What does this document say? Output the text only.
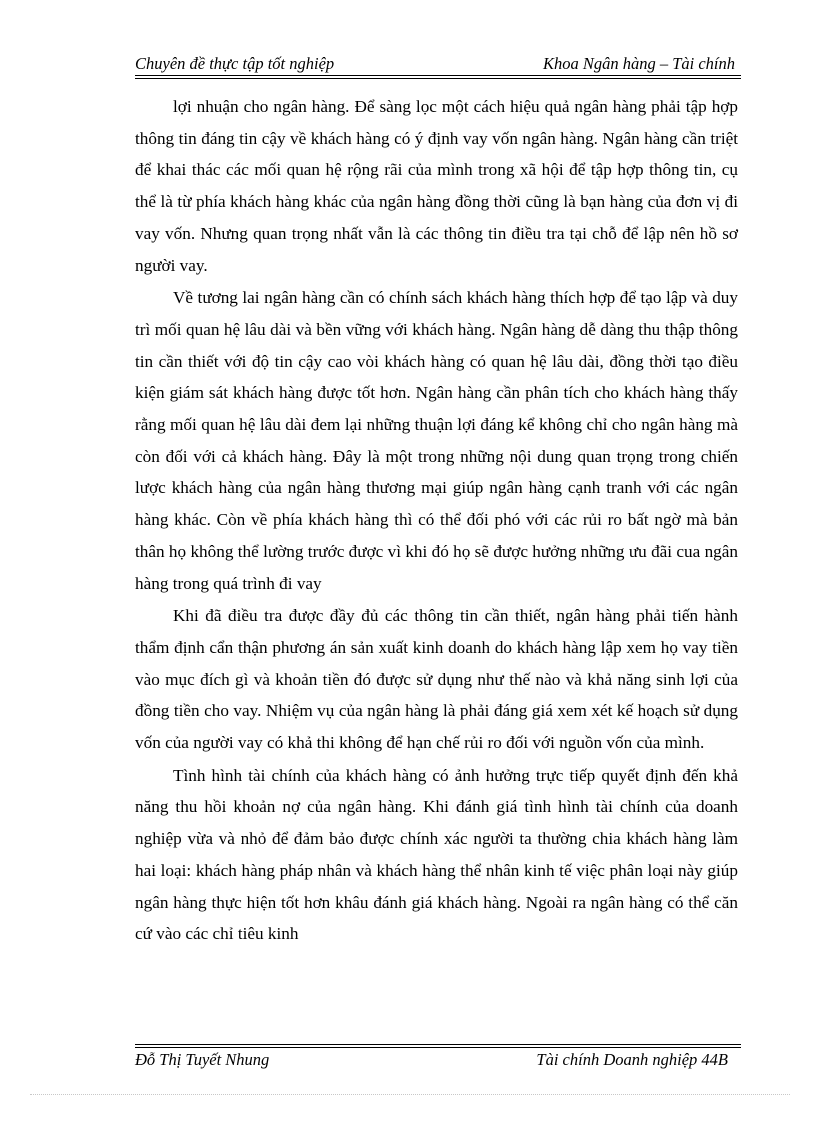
Chuyên đề thực tập tốt nghiệp	Khoa Ngân hàng – Tài chính

lợi nhuận cho ngân hàng. Để sàng lọc một cách hiệu quả ngân hàng phải tập hợp thông tin đáng tin cậy về khách hàng có ý định vay vốn ngân hàng. Ngân hàng cần triệt để khai thác các mối quan hệ rộng rãi của mình trong xã hội để tập hợp thông tin, cụ thể là từ phía khách hàng khác của ngân hàng đồng thời cũng là bạn hàng của đơn vị đi vay vốn. Nhưng quan trọng nhất vẫn là các thông tin điều tra tại chỗ để lập nên hồ sơ người vay.

Về tương lai ngân hàng cần có chính sách khách hàng thích hợp để tạo lập và duy trì mối quan hệ lâu dài và bền vững với khách hàng. Ngân hàng dễ dàng thu thập thông tin cần thiết với độ tin cậy cao vòi khách hàng có quan hệ lâu dài, đồng thời tạo điều kiện giám sát khách hàng được tốt hơn. Ngân hàng cần phân tích cho khách hàng thấy rằng mối quan hệ lâu dài đem lại những thuận lợi đáng kể không chỉ cho ngân hàng mà còn đối với cả khách hàng. Đây là một trong những nội dung quan trọng trong chiến lược khách hàng của ngân hàng thương mại giúp ngân hàng cạnh tranh với các ngân hàng khác. Còn về phía khách hàng thì có thể đối phó với các rủi ro bất ngờ mà bản thân họ không thể lường trước được vì khi đó họ sẽ được hưởng những ưu đãi cua ngân hàng trong quá trình đi vay

Khi đã điều tra được đầy đủ các thông tin cần thiết, ngân hàng phải tiến hành thẩm định cẩn thận phương án sản xuất kinh doanh do khách hàng lập xem họ vay tiền vào mục đích gì và khoản tiền đó được sử dụng như thế nào và khả năng sinh lợi của đồng tiền cho vay. Nhiệm vụ của ngân hàng là phải đáng giá xem xét kế hoạch sử dụng vốn của người vay có khả thi không để hạn chế rủi ro đối với nguồn vốn của mình.

Tình hình tài chính của khách hàng có ảnh hưởng trực tiếp quyết định đến khả năng thu hồi khoản nợ của ngân hàng. Khi đánh giá tình hình tài chính của doanh nghiệp vừa và nhỏ để đảm bảo được chính xác người ta thường chia khách hàng làm hai loại: khách hàng pháp nhân và khách hàng thể nhân kinh tế việc phân loại này giúp ngân hàng thực hiện tốt hơn khâu đánh giá khách hàng. Ngoài ra ngân hàng có thể căn cứ vào các chỉ tiêu kinh

Đỗ Thị Tuyết Nhung	Tài chính Doanh nghiệp 44B
